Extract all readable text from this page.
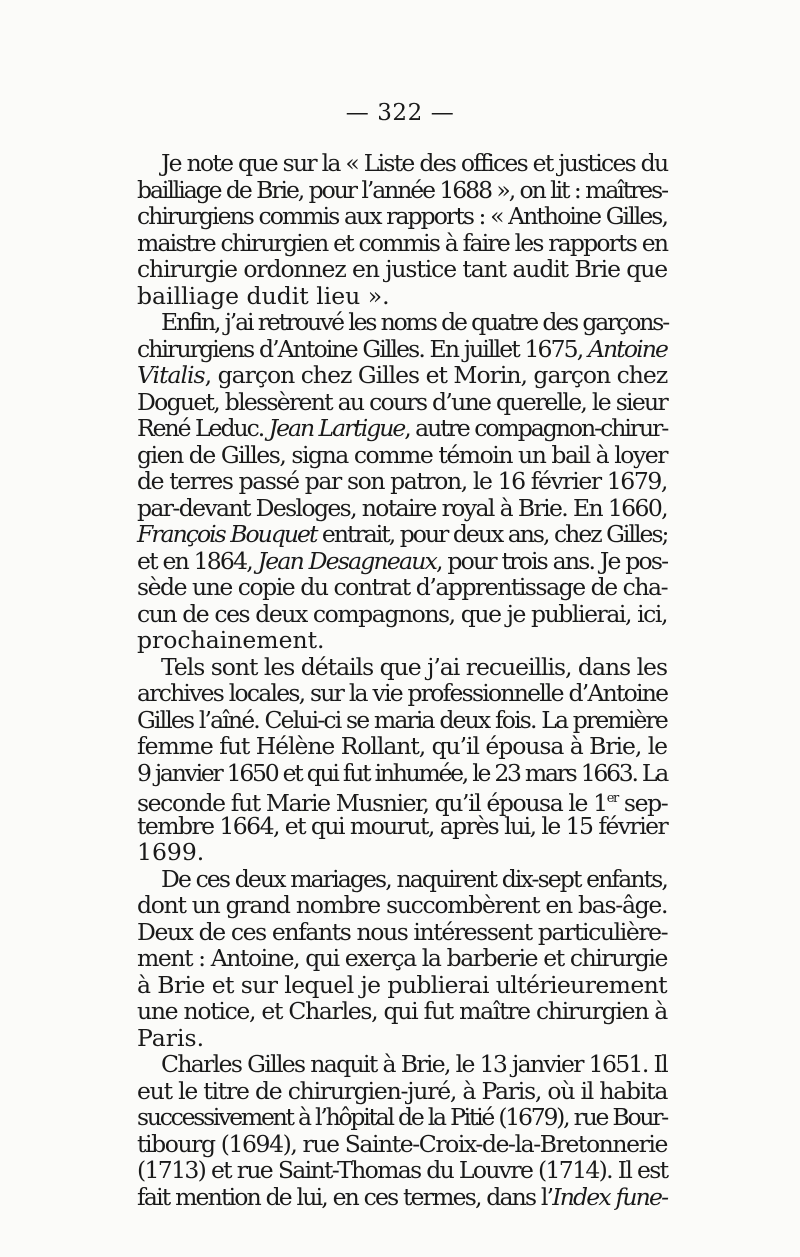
— 322 —
Je note que sur la « Liste des offices et justices du
bailliage de Brie, pour l’année 1688 », on lit : maîtres-
chirurgiens commis aux rapports : « Anthoine Gilles,
maistre chirurgien et commis à faire les rapports en
chirurgie ordonnez en justice tant audit Brie que
bailliage dudit lieu ».
Enfin, j’ai retrouvé les noms de quatre des garçons-
chirurgiens d’Antoine Gilles. En juillet 1675, Antoine
Vitalis, garçon chez Gilles et Morin, garçon chez
Doguet, blessèrent au cours d’une querelle, le sieur
René Leduc. Jean Lartigue, autre compagnon-chirur-
gien de Gilles, signa comme témoin un bail à loyer
de terres passé par son patron, le 16 février 1679,
par-devant Desloges, notaire royal à Brie. En 1660,
François Bouquet entrait, pour deux ans, chez Gilles;
et en 1864, Jean Desagneaux, pour trois ans. Je pos-
sède une copie du contrat d’apprentissage de cha-
cun de ces deux compagnons, que je publierai, ici,
prochainement.
Tels sont les détails que j’ai recueillis, dans les
archives locales, sur la vie professionnelle d’Antoine
Gilles l’aîné. Celui-ci se maria deux fois. La première
femme fut Hélène Rollant, qu’il épousa à Brie, le
9 janvier 1650 et qui fut inhumée, le 23 mars 1663. La
seconde fut Marie Musnier, qu’il épousa le 1er sep-
tembre 1664, et qui mourut, après lui, le 15 février
1699.
De ces deux mariages, naquirent dix-sept enfants,
dont un grand nombre succombèrent en bas-âge.
Deux de ces enfants nous intéressent particulière-
ment : Antoine, qui exerça la barberie et chirurgie
à Brie et sur lequel je publierai ultérieurement
une notice, et Charles, qui fut maître chirurgien à
Paris.
Charles Gilles naquit à Brie, le 13 janvier 1651. Il
eut le titre de chirurgien-juré, à Paris, où il habita
successivement à l’hôpital de la Pitié (1679), rue Bour-
tibourg (1694), rue Sainte-Croix-de-la-Bretonnerie
(1713) et rue Saint-Thomas du Louvre (1714). Il est
fait mention de lui, en ces termes, dans l’Index fune-
